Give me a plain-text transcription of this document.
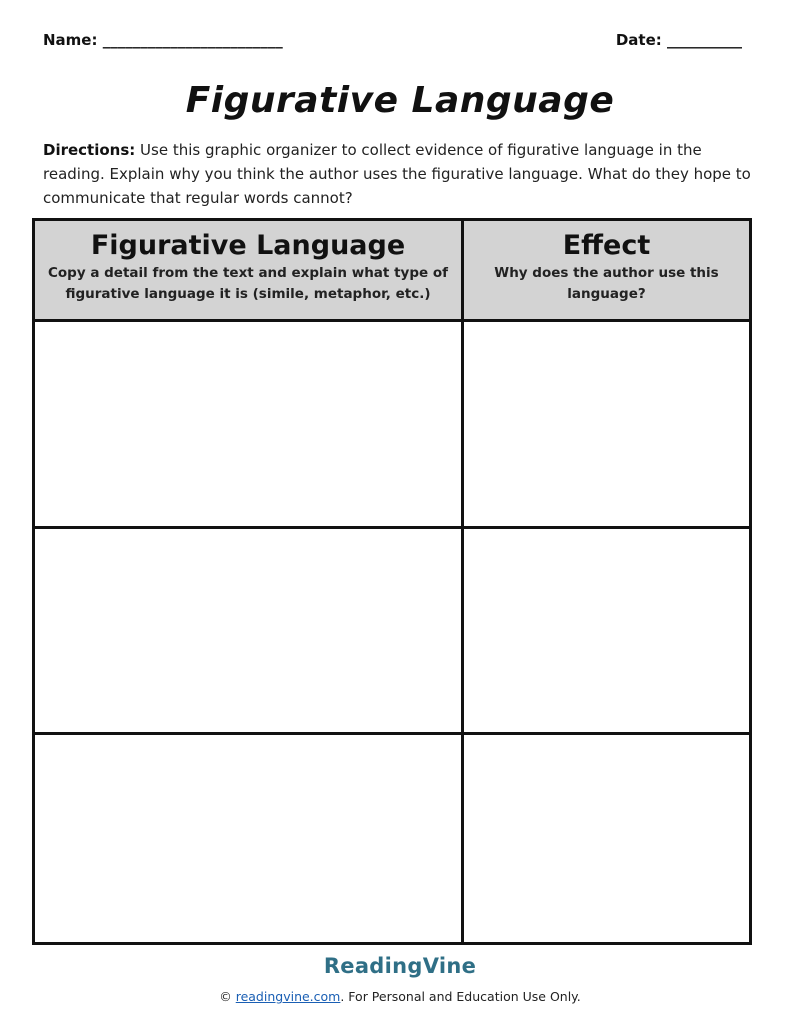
Name: ________________________	Date: __________
Figurative Language
Directions: Use this graphic organizer to collect evidence of figurative language in the reading. Explain why you think the author uses the figurative language. What do they hope to communicate that regular words cannot?
Figurative Language
Copy a detail from the text and explain what type of figurative language it is (simile, metaphor, etc.)
Effect
Why does the author use this language?
ReadingVine
© readingvine.com. For Personal and Education Use Only.
